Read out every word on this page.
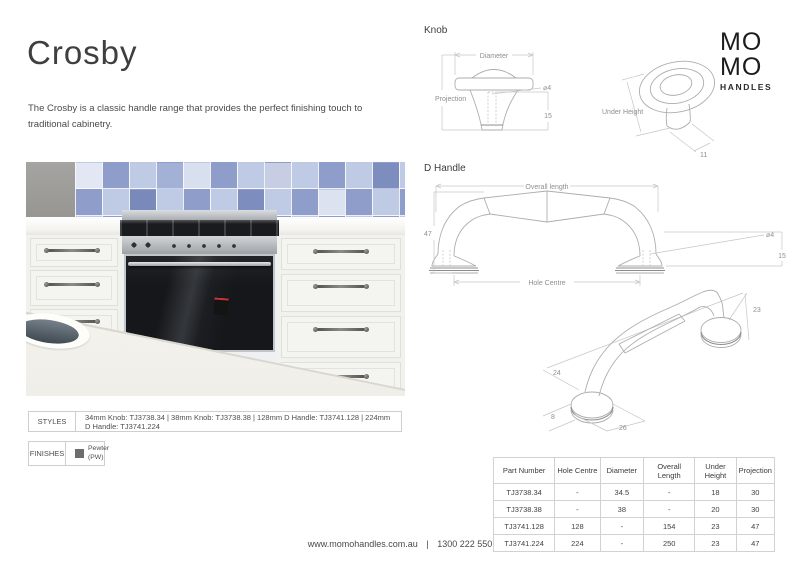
Crosby
The Crosby is a classic handle range that provides the perfect finishing touch to traditional cabinetry.
MO
MO
HANDLES
Knob
Diameter
Projection
⌀4
15
Under Height
11
D Handle
Overall length
47
Hole Centre
⌀4
15
24
23
8
26
STYLES	34mm Knob: TJ3738.34 | 38mm Knob: TJ3738.38 | 128mm D Handle: TJ3741.128 | 224mm D Handle: TJ3741.224
FINISHES
Pewter
(PW)
Part Number	Hole Centre	Diameter	Overall Length	Under Height	Projection
TJ3738.34	-	34.5	-	18	30
TJ3738.38	-	38	-	20	30
TJ3741.128	128	-	154	23	47
TJ3741.224	224	-	250	23	47
www.momohandles.com.au | 1300 222 550
